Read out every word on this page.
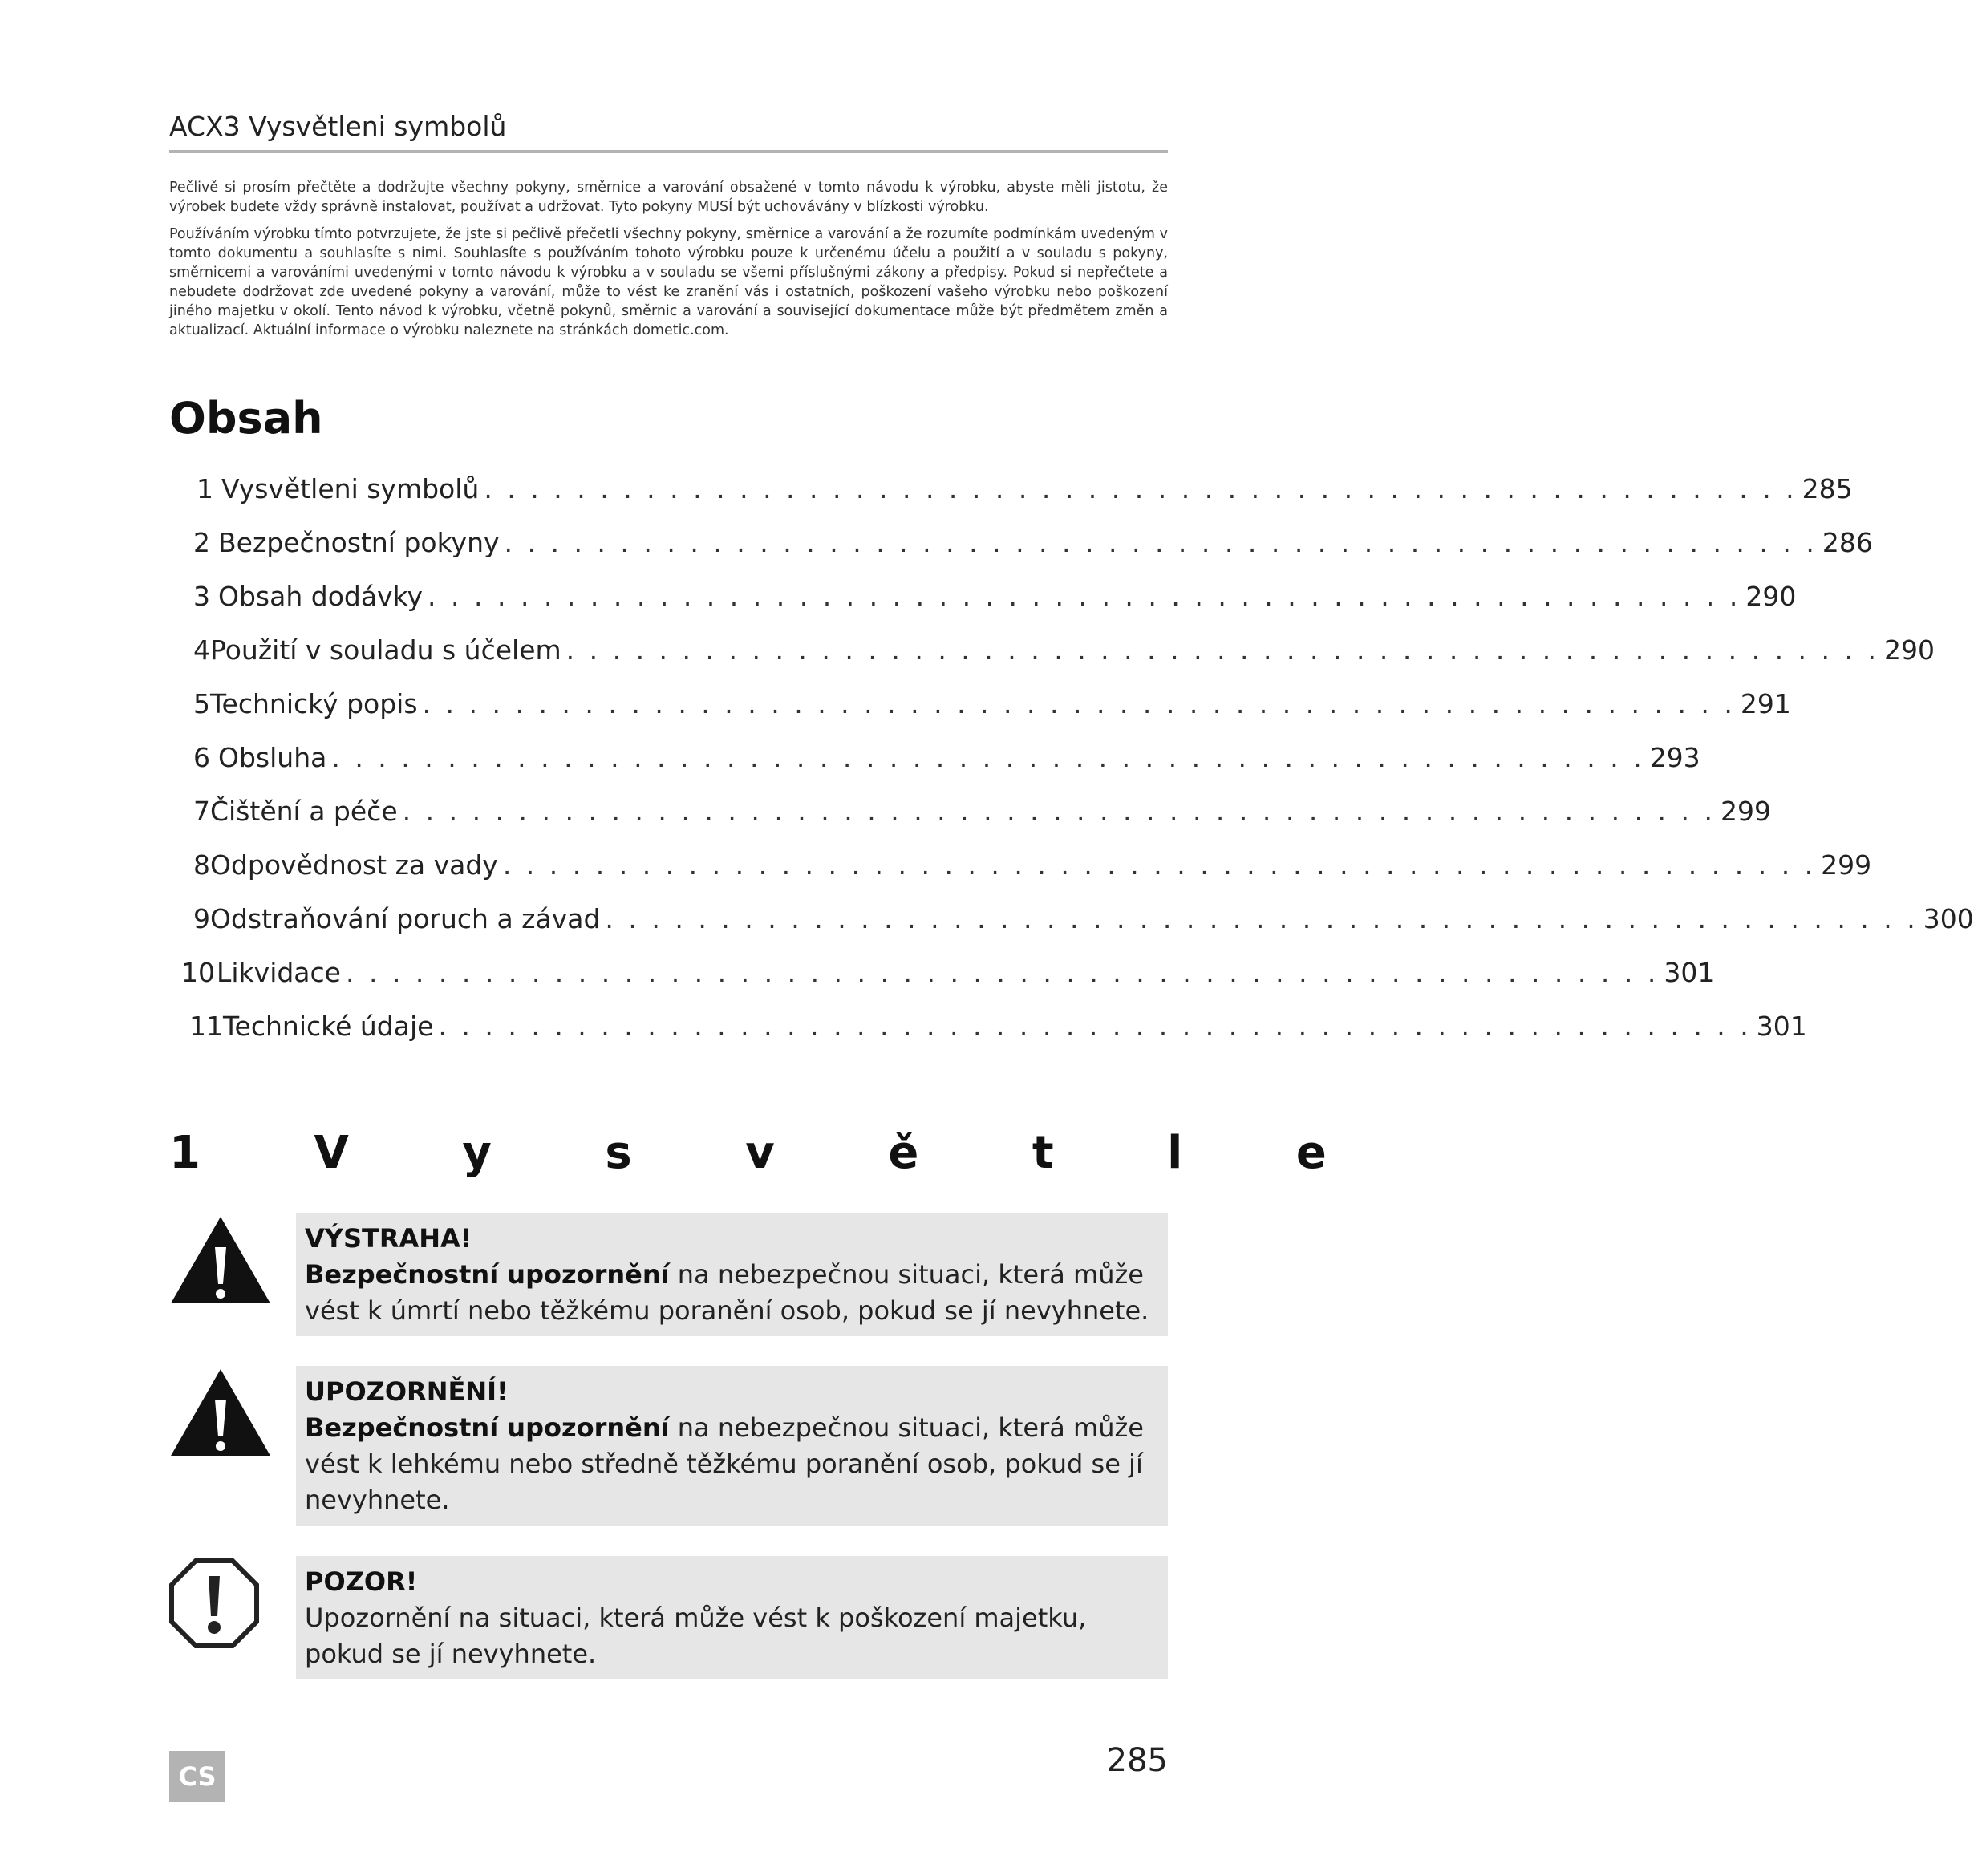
ACX3 Vysvětleni symbolů

Pečlivě si prosím přečtěte a dodržujte všechny pokyny, směrnice a varování obsažené v tomto návodu k výrobku, abyste měli jistotu, že výrobek budete vždy správně instalovat, používat a udržovat. Tyto pokyny MUSÍ být uchovávány v blízkosti výrobku.

Používáním výrobku tímto potvrzujete, že jste si pečlivě přečetli všechny pokyny, směrnice a varování a že rozumíte podmínkám uvedeným v tomto dokumentu a souhlasíte s nimi. Souhlasíte s používáním tohoto výrobku pouze k určenému účelu a použití a v souladu s pokyny, směrnicemi a varováními uvedenými v tomto návodu k výrobku a v souladu se všemi příslušnými zákony a předpisy. Pokud si nepřečtete a nebudete dodržovat zde uvedené pokyny a varování, může to vést ke zranění vás i ostatních, poškození vašeho výrobku nebo poškození jiného majetku v okolí. Tento návod k výrobku, včetně pokynů, směrnic a varování a související dokumentace může být předmětem změn a aktualizací. Aktuální informace o výrobku naleznete na stránkách dometic.com.

Obsah
1 Vysvětleni symbolů . . . . . . . . . . . . . . . . . . . . . . . . . . . . . . . . . . . . . . . . . . . . . . . . . . . . . . . . . 285
2 Bezpečnostní pokyny . . . . . . . . . . . . . . . . . . . . . . . . . . . . . . . . . . . . . . . . . . . . . . . . . . . . . . . . . 286
3 Obsah dodávky . . . . . . . . . . . . . . . . . . . . . . . . . . . . . . . . . . . . . . . . . . . . . . . . . . . . . . . . . 290
4 Použití v souladu s účelem . . . . . . . . . . . . . . . . . . . . . . . . . . . . . . . . . . . . . . . . . . . . . . . . . . . . . . . . . 290
5 Technický popis . . . . . . . . . . . . . . . . . . . . . . . . . . . . . . . . . . . . . . . . . . . . . . . . . . . . . . . . . 291
6 Obsluha . . . . . . . . . . . . . . . . . . . . . . . . . . . . . . . . . . . . . . . . . . . . . . . . . . . . . . . . . 293
7 Čištění a péče . . . . . . . . . . . . . . . . . . . . . . . . . . . . . . . . . . . . . . . . . . . . . . . . . . . . . . . . . 299
8 Odpovědnost za vady . . . . . . . . . . . . . . . . . . . . . . . . . . . . . . . . . . . . . . . . . . . . . . . . . . . . . . . . . 299
9 Odstraňování poruch a závad . . . . . . . . . . . . . . . . . . . . . . . . . . . . . . . . . . . . . . . . . . . . . . . . . . . . . . . . . 300
10 Likvidace . . . . . . . . . . . . . . . . . . . . . . . . . . . . . . . . . . . . . . . . . . . . . . . . . . . . . . . . . 301
11 Technické údaje . . . . . . . . . . . . . . . . . . . . . . . . . . . . . . . . . . . . . . . . . . . . . . . . . . . . . . . . . 301
1	V	y	s	v	ě	t	l	e
VÝSTRAHA!
Bezpečnostní upozornění na nebezpečnou situaci, která může vést k úmrtí nebo těžkému poranění osob, pokud se jí nevyhnete.
UPOZORNĚNÍ!
Bezpečnostní upozornění na nebezpečnou situaci, která může vést k lehkému nebo středně těžkému poranění osob, pokud se jí nevyhnete.
POZOR!
Upozornění na situaci, která může vést k poškození majetku, pokud se jí nevyhnete.
CS	285
